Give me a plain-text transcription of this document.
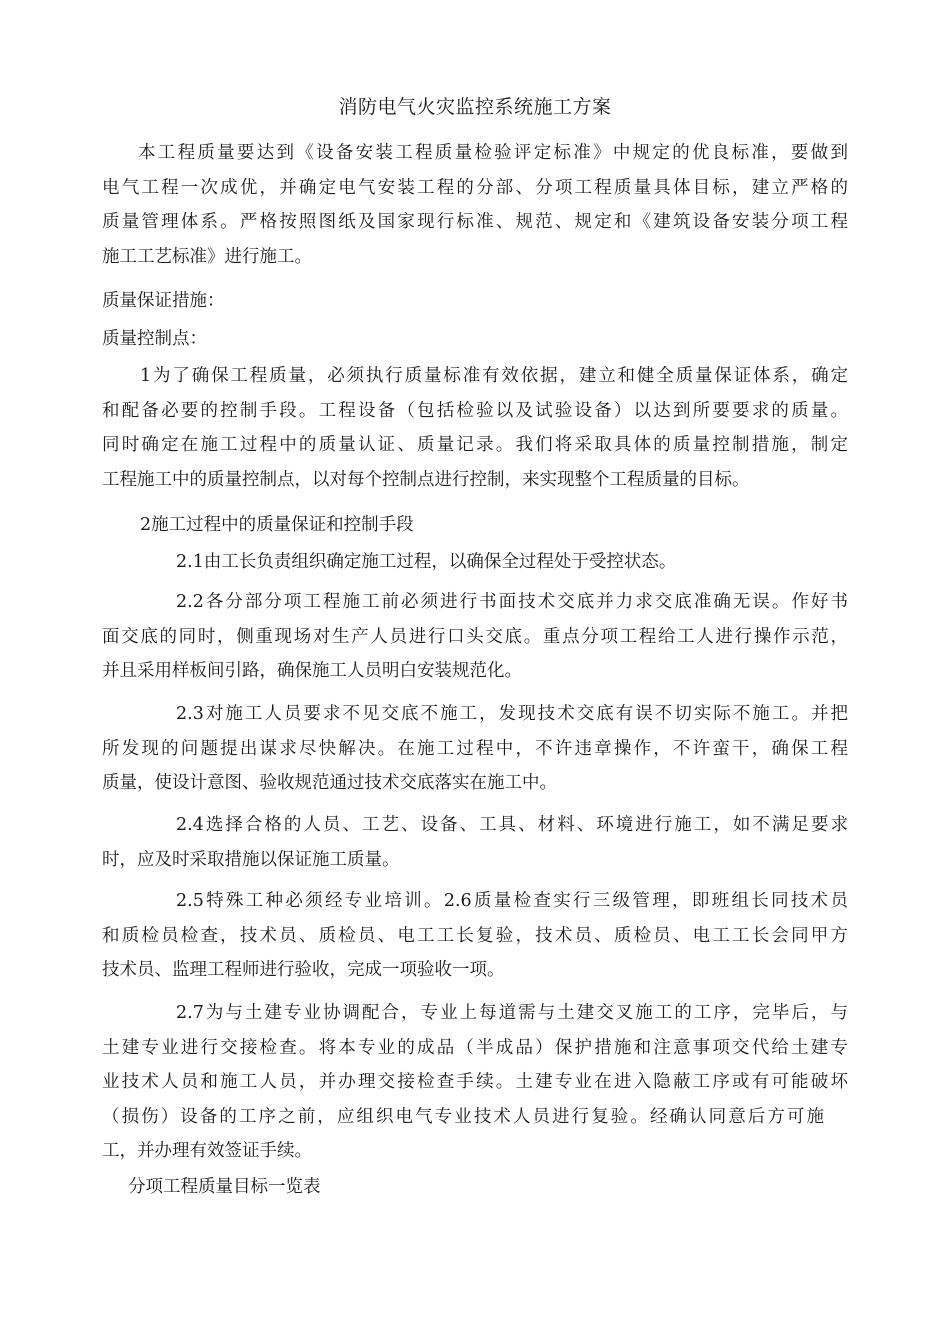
消防电气火灾监控系统施工方案
本工程质量要达到《设备安装工程质量检验评定标准》中规定的优良标准，要做到
电气工程一次成优，并确定电气安装工程的分部、分项工程质量具体目标，建立严格的
质量管理体系。严格按照图纸及国家现行标准、规范、规定和《建筑设备安装分项工程
施工工艺标准》进行施工。
质量保证措施：
质量控制点：
1为了确保工程质量，必须执行质量标准有效依据，建立和健全质量保证体系，确定
和配备必要的控制手段。工程设备（包括检验以及试验设备）以达到所要要求的质量。
同时确定在施工过程中的质量认证、质量记录。我们将采取具体的质量控制措施，制定
工程施工中的质量控制点，以对每个控制点进行控制，来实现整个工程质量的目标。
2施工过程中的质量保证和控制手段
2.1由工长负责组织确定施工过程，以确保全过程处于受控状态。
2.2各分部分项工程施工前必须进行书面技术交底并力求交底准确无误。作好书
面交底的同时，侧重现场对生产人员进行口头交底。重点分项工程给工人进行操作示范，
并且采用样板间引路，确保施工人员明白安装规范化。
2.3对施工人员要求不见交底不施工，发现技术交底有误不切实际不施工。并把
所发现的问题提出谋求尽快解决。在施工过程中，不许违章操作，不许蛮干，确保工程
质量，使设计意图、验收规范通过技术交底落实在施工中。
2.4选择合格的人员、工艺、设备、工具、材料、环境进行施工，如不满足要求
时，应及时采取措施以保证施工质量。
2.5特殊工种必须经专业培训。2.6质量检查实行三级管理，即班组长同技术员
和质检员检查，技术员、质检员、电工工长复验，技术员、质检员、电工工长会同甲方
技术员、监理工程师进行验收，完成一项验收一项。
2.7为与土建专业协调配合，专业上每道需与土建交叉施工的工序，完毕后，与
土建专业进行交接检查。将本专业的成品（半成品）保护措施和注意事项交代给土建专
业技术人员和施工人员，并办理交接检查手续。土建专业在进入隐蔽工序或有可能破坏
（损伤）设备的工序之前，应组织电气专业技术人员进行复验。经确认同意后方可施
工，并办理有效签证手续。
分项工程质量目标一览表
